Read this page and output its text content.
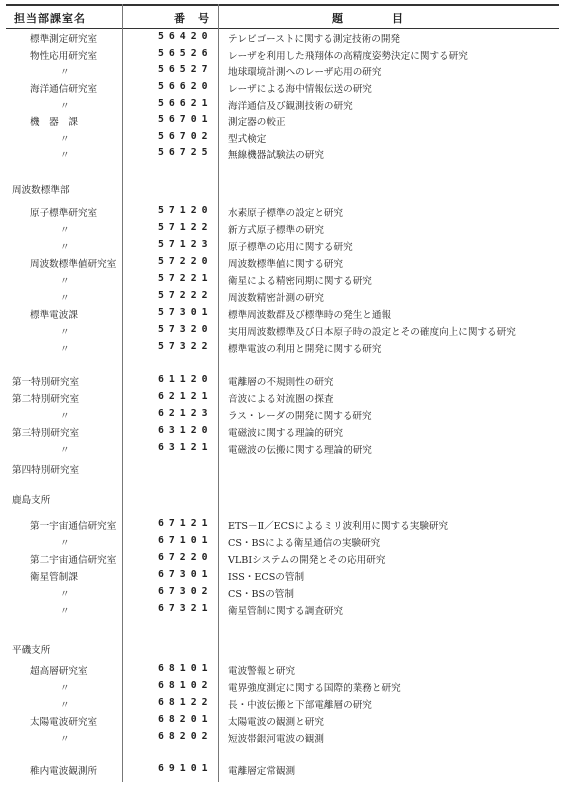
担当部課室名	番　号	題　　　　目
標準測定研究室	56420 テレビゴーストに関する測定技術の開発
物性応用研究室	56526 レーザを利用した飛翔体の高精度姿勢決定に関する研究
〃	56527 地球環境計測へのレーザ応用の研究
海洋通信研究室	56620 レーザによる海中情報伝送の研究
〃	56621 海洋通信及び観測技術の研究
機　器　課	56701 測定器の較正
〃	56702 型式検定
〃	56725 無線機器試験法の研究
周波数標準部
原子標準研究室	57120 水素原子標準の設定と研究
〃	57122 新方式原子標準の研究
〃	57123 原子標準の応用に関する研究
周波数標準値研究室	57220 周波数標準値に関する研究
〃	57221 衛星による精密同期に関する研究
〃	57222 周波数精密計測の研究
標準電波課	57301 標準周波数群及び標準時の発生と通報
〃	57320 実用周波数標準及び日本原子時の設定とその確度向上に関する研究
〃	57322 標準電波の利用と開発に関する研究
第一特別研究室	61120 電離層の不規則性の研究
第二特別研究室	62121 音波による対流圏の探査
〃	62123 ラス・レーダの開発に関する研究
第三特別研究室	63120 電磁波に関する理論的研究
〃	63121 電磁波の伝搬に関する理論的研究
第四特別研究室
鹿島支所
第一宇宙通信研究室	67121 ETS－Ⅱ／ECSによるミリ波利用に関する実験研究
〃	67101 CS・BSによる衛星通信の実験研究
第二宇宙通信研究室	67220 VLBIシステムの開発とその応用研究
衛星管制課	67301 ISS・ECSの管制
〃	67302 CS・BSの管制
〃	67321 衛星管制に関する調査研究
平磯支所
超高層研究室	68101 電波警報と研究
〃	68102 電界強度測定に関する国際的業務と研究
〃	68122 長・中波伝搬と下部電離層の研究
太陽電波研究室	68201 太陽電波の観測と研究
〃	68202 短波帯銀河電波の観測
稚内電波観測所	69101 電離層定常観測
